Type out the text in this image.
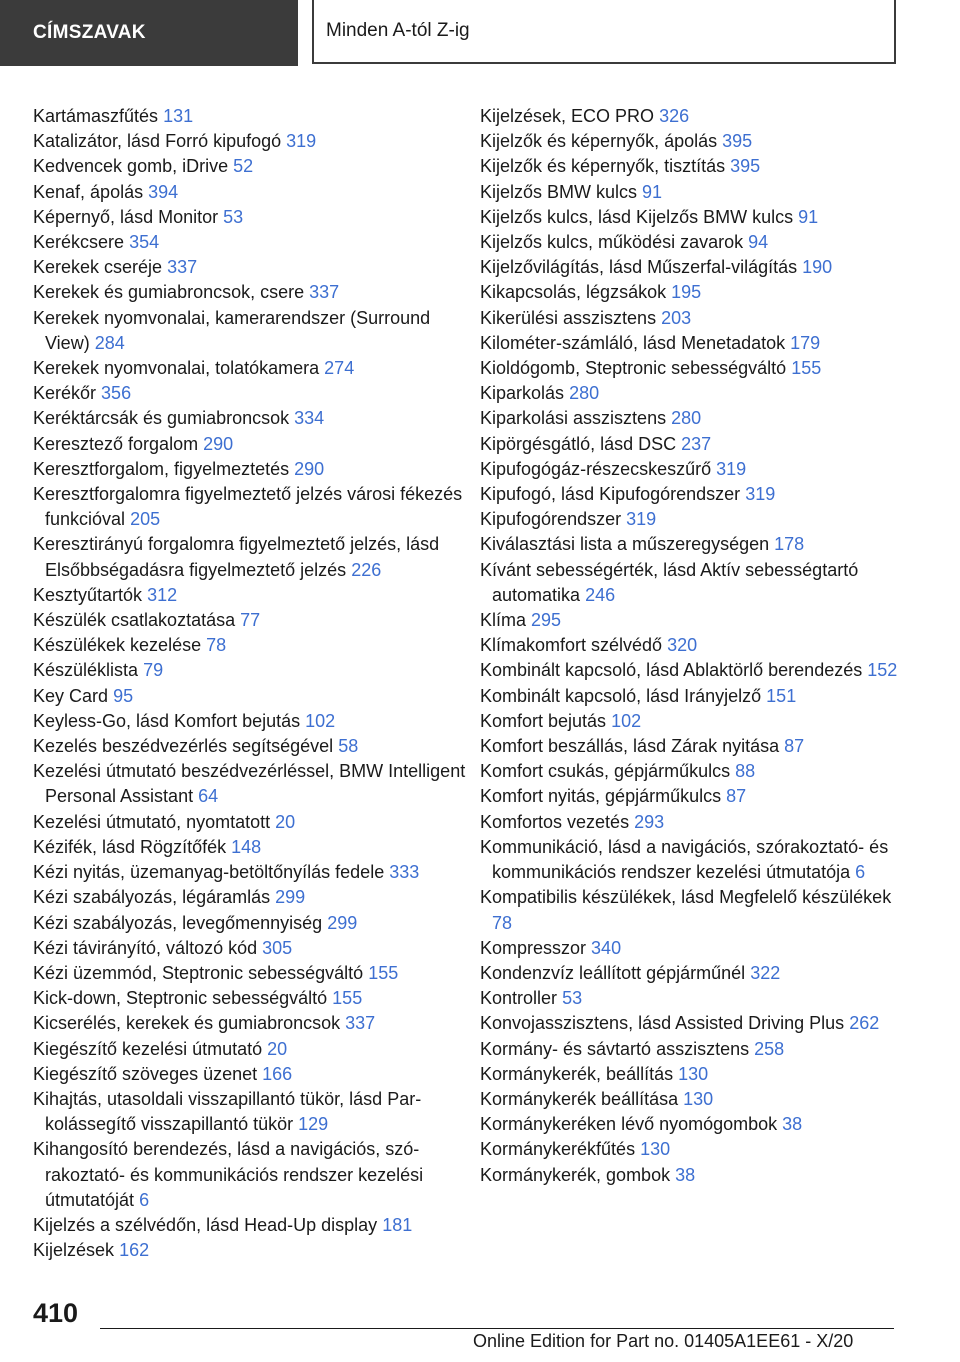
CÍMSZAVAK	Minden A-tól Z-ig
Kartámaszfűtés 131
Katalizátor, lásd Forró kipufogó 319
Kedvencek gomb, iDrive 52
Kenaf, ápolás 394
Képernyő, lásd Monitor 53
Kerékcsere 354
Kerekek cseréje 337
Kerekek és gumiabroncsok, csere 337
Kerekek nyomvonalai, kamerarendszer (Surround View) 284
Kerekek nyomvonalai, tolatókamera 274
Kerékőr 356
Keréktárcsák és gumiabroncsok 334
Keresztező forgalom 290
Keresztforgalom, figyelmeztetés 290
Keresztforgalomra figyelmeztető jelzés városi fékezés funkcióval 205
Keresztirányú forgalomra figyelmeztető jelzés, lásd Elsőbbségadásra figyelmeztető jelzés 226
Kesztyűtartók 312
Készülék csatlakoztatása 77
Készülékek kezelése 78
Készüléklista 79
Key Card 95
Keyless-Go, lásd Komfort bejutás 102
Kezelés beszédvezérlés segítségével 58
Kezelési útmutató beszédvezérléssel, BMW Intelligent Personal Assistant 64
Kezelési útmutató, nyomtatott 20
Kézifék, lásd Rögzítőfék 148
Kézi nyitás, üzemanyag-betöltőnyílás fedele 333
Kézi szabályozás, légáramlás 299
Kézi szabályozás, levegőmennyiség 299
Kézi távirányító, változó kód 305
Kézi üzemmód, Steptronic sebességváltó 155
Kick-down, Steptronic sebességváltó 155
Kicserélés, kerekek és gumiabroncsok 337
Kiegészítő kezelési útmutató 20
Kiegészítő szöveges üzenet 166
Kihajtás, utasoldali visszapillantó tükör, lásd Parkolássegítő visszapillantó tükör 129
Kihangosító berendezés, lásd a navigációs, szórakoztató- és kommunikációs rendszer kezelési útmutatóját 6
Kijelzés a szélvédőn, lásd Head-Up display 181
Kijelzések 162
Kijelzések, ECO PRO 326
Kijelzők és képernyők, ápolás 395
Kijelzők és képernyők, tisztítás 395
Kijelzős BMW kulcs 91
Kijelzős kulcs, lásd Kijelzős BMW kulcs 91
Kijelzős kulcs, működési zavarok 94
Kijelzővilágítás, lásd Műszerfal-világítás 190
Kikapcsolás, légzsákok 195
Kikerülési asszisztens 203
Kilométer-számláló, lásd Menetadatok 179
Kioldógomb, Steptronic sebességváltó 155
Kiparkolás 280
Kiparkolási asszisztens 280
Kipörgésgátló, lásd DSC 237
Kipufogógáz-részecskeszűrő 319
Kipufogó, lásd Kipufogórendszer 319
Kipufogórendszer 319
Kiválasztási lista a műszeregységen 178
Kívánt sebességérték, lásd Aktív sebességtartó automatika 246
Klíma 295
Klímakomfort szélvédő 320
Kombinált kapcsoló, lásd Ablaktörlő berendezés 152
Kombinált kapcsoló, lásd Irányjelző 151
Komfort bejutás 102
Komfort beszállás, lásd Zárak nyitása 87
Komfort csukás, gépjárműkulcs 88
Komfort nyitás, gépjárműkulcs 87
Komfortos vezetés 293
Kommunikáció, lásd a navigációs, szórakoztató- és kommunikációs rendszer kezelési útmutatója 6
Kompatibilis készülékek, lásd Megfelelő készülékek 78
Kompresszor 340
Kondenzvíz leállított gépjárműnél 322
Kontroller 53
Konvojasszisztens, lásd Assisted Driving Plus 262
Kormány- és sávtartó asszisztens 258
Kormánykerék, beállítás 130
Kormánykerék beállítása 130
Kormánykeréken lévő nyomógombok 38
Kormánykerékfűtés 130
Kormánykerék, gombok 38
410
Online Edition for Part no. 01405A1EE61 - X/20
